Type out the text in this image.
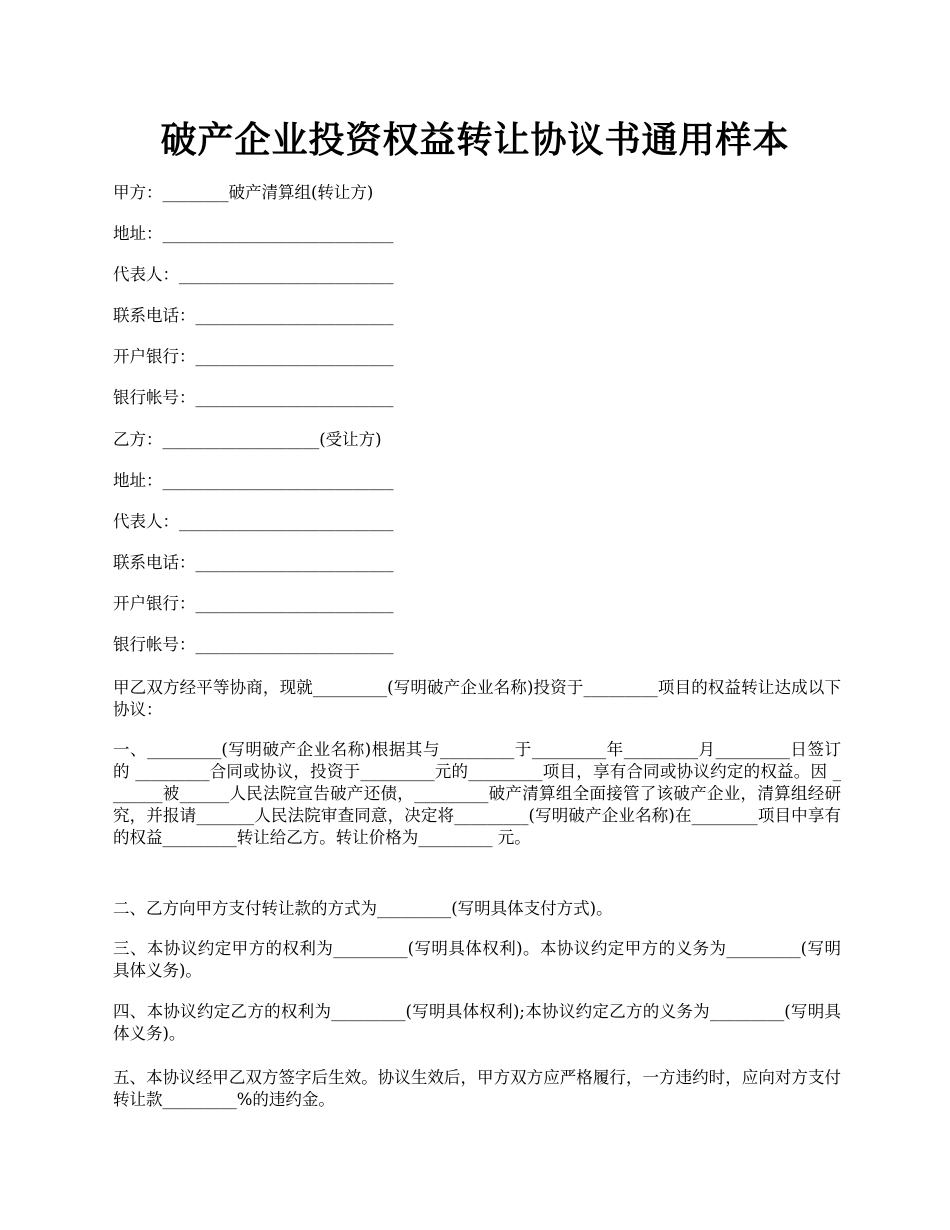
破产企业投资权益转让协议书通用样本

甲方：________破产清算组(转让方)

地址：____________________________

代表人：__________________________

联系电话：________________________

开户银行：________________________

银行帐号：________________________

乙方：___________________(受让方)

地址：____________________________

代表人：__________________________

联系电话：________________________

开户银行：________________________

银行帐号：________________________

甲乙双方经平等协商，现就_________(写明破产企业名称)投资于_________项目的权益转让达成以下协议：

一、_________(写明破产企业名称)根据其与_________于_________年_________月_________日签订的 _________合同或协议，投资于_________元的_________项目，享有合同或协议约定的权益。因 _______被______人民法院宣告破产还债，_________破产清算组全面接管了该破产企业，清算组经研究，并报请_______人民法院审查同意，决定将_________(写明破产企业名称)在________项目中享有的权益_________转让给乙方。转让价格为_________ 元。

二、乙方向甲方支付转让款的方式为_________(写明具体支付方式)。

三、本协议约定甲方的权利为_________(写明具体权利)。本协议约定甲方的义务为_________(写明具体义务)。

四、本协议约定乙方的权利为_________(写明具体权利);本协议约定乙方的义务为_________(写明具体义务)。

五、本协议经甲乙双方签字后生效。协议生效后，甲方双方应严格履行，一方违约时，应向对方支付转让款_________%的违约金。
